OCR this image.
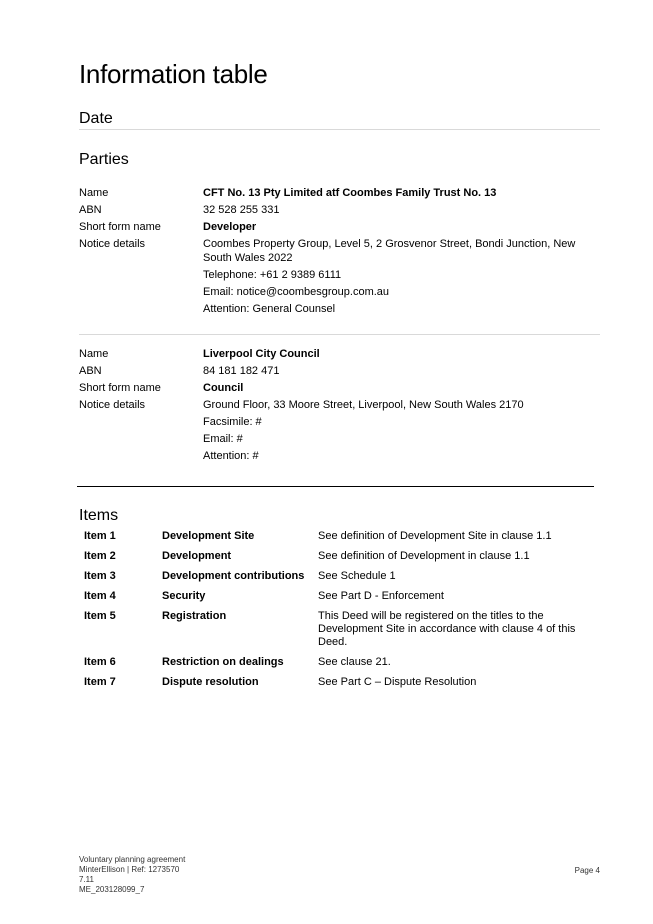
Information table
Date
Parties
Name	CFT No. 13 Pty Limited atf Coombes Family Trust No. 13
ABN	32 528 255 331
Short form name	Developer
Notice details	Coombes Property Group, Level 5, 2 Grosvenor Street, Bondi Junction, New South Wales 2022
Telephone: +61 2 9389 6111
Email: notice@coombesgroup.com.au
Attention: General Counsel
Name	Liverpool City Council
ABN	84 181 182 471
Short form name	Council
Notice details	Ground Floor, 33 Moore Street, Liverpool, New South Wales 2170
Facsimile: #
Email: #
Attention: #
Items
Item 1	Development Site	See definition of Development Site in clause 1.1
Item 2	Development	See definition of Development in clause 1.1
Item 3	Development contributions	See Schedule 1
Item 4	Security	See Part D - Enforcement
Item 5	Registration	This Deed will be registered on the titles to the Development Site in accordance with clause 4 of this Deed.
Item 6	Restriction on dealings	See clause 21.
Item 7	Dispute resolution	See Part C – Dispute Resolution
Voluntary planning agreement
MinterEllison | Ref: 1273570
7.11
ME_203128099_7
Page 4
